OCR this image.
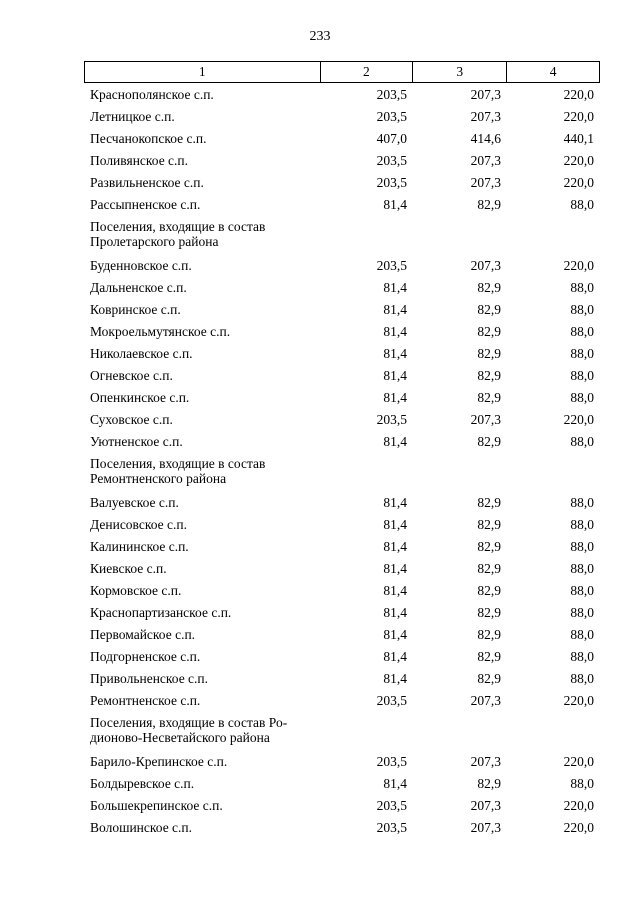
233
1	2	3	4
Краснополянское с.п.	203,5	207,3	220,0
Летницкое с.п.	203,5	207,3	220,0
Песчанокопское с.п.	407,0	414,6	440,1
Поливянское с.п.	203,5	207,3	220,0
Развильненское с.п.	203,5	207,3	220,0
Рассыпненское с.п.	81,4	82,9	88,0

Поселения, входящие в состав
Пролетарского района			

Буденновское с.п.	203,5	207,3	220,0
Дальненское с.п.	81,4	82,9	88,0
Ковринское с.п.	81,4	82,9	88,0
Мокроельмутянское с.п.	81,4	82,9	88,0
Николаевское с.п.	81,4	82,9	88,0
Огневское с.п.	81,4	82,9	88,0
Опенкинское с.п.	81,4	82,9	88,0
Суховское с.п.	203,5	207,3	220,0
Уютненское с.п.	81,4	82,9	88,0

Поселения, входящие в состав
Ремонтненского района			

Валуевское с.п.	81,4	82,9	88,0
Денисовское с.п.	81,4	82,9	88,0
Калининское с.п.	81,4	82,9	88,0
Киевское с.п.	81,4	82,9	88,0
Кормовское с.п.	81,4	82,9	88,0
Краснопартизанское с.п.	81,4	82,9	88,0
Первомайское с.п.	81,4	82,9	88,0
Подгорненское с.п.	81,4	82,9	88,0
Привольненское с.п.	81,4	82,9	88,0
Ремонтненское с.п.	203,5	207,3	220,0

Поселения, входящие в состав Ро-
дионово-Несветайского района			

Барило-Крепинское с.п.	203,5	207,3	220,0
Болдыревское с.п.	81,4	82,9	88,0
Большекрепинское с.п.	203,5	207,3	220,0
Волошинское с.п.	203,5	207,3	220,0
